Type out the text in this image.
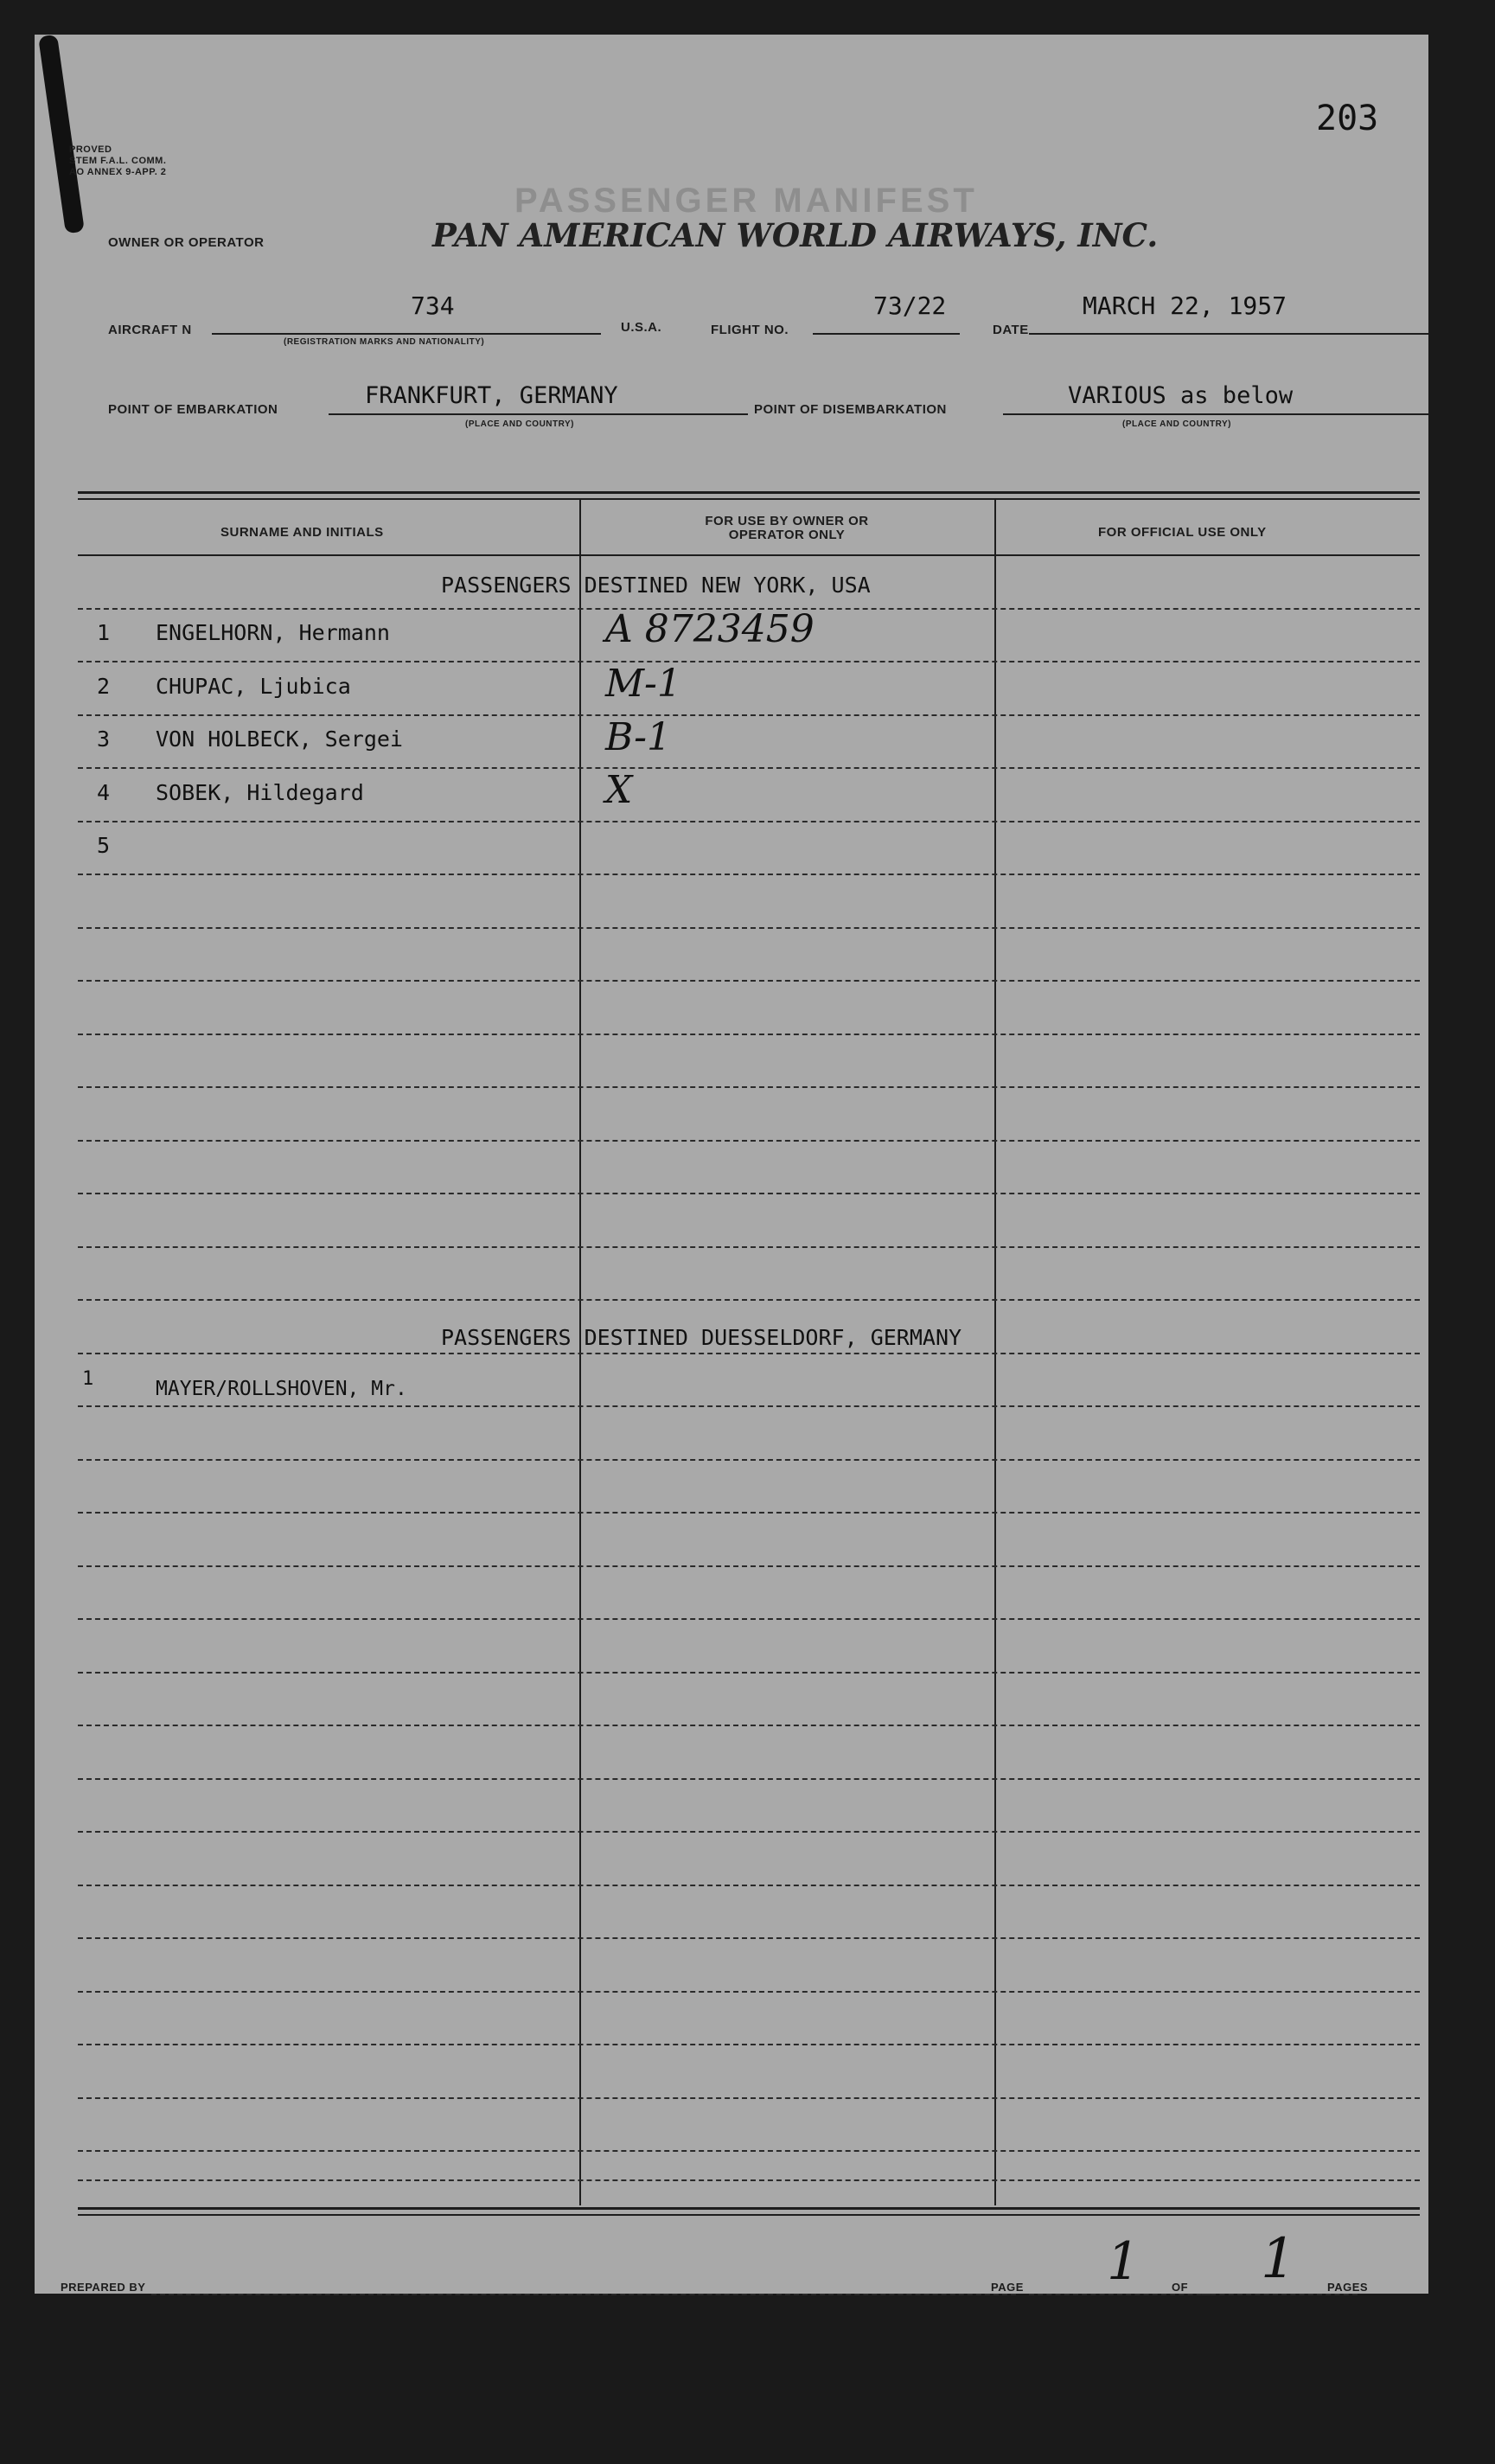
PROVED
STEM F.A.L. COMM.
AO ANNEX 9-APP. 2
203
PASSENGER MANIFEST
OWNER OR OPERATOR	PAN AMERICAN WORLD AIRWAYS, INC.
AIRCRAFT N
734
(REGISTRATION MARKS AND NATIONALITY)
U.S.A.	FLIGHT NO.
73/22
DATE
MARCH 22, 1957
POINT OF EMBARKATION
FRANKFURT, GERMANY
(PLACE AND COUNTRY)
POINT OF DISEMBARKATION
VARIOUS as below
(PLACE AND COUNTRY)
SURNAME AND INITIALS
FOR USE BY OWNER OR OPERATOR ONLY	FOR OFFICIAL USE ONLY
PASSENGERS DESTINED NEW YORK, USA
1 ENGELHORN, Hermann	A 8723459
2 CHUPAC, Ljubica	M-1
3 VON HOLBECK, Sergei	B-1
4 SOBEK, Hildegard	X
5
PASSENGERS DESTINED DUESSELDORF, GERMANY
1	MAYER/ROLLSHOVEN, Mr.
PREPARED BY	PAGE 1	OF 1	PAGES
